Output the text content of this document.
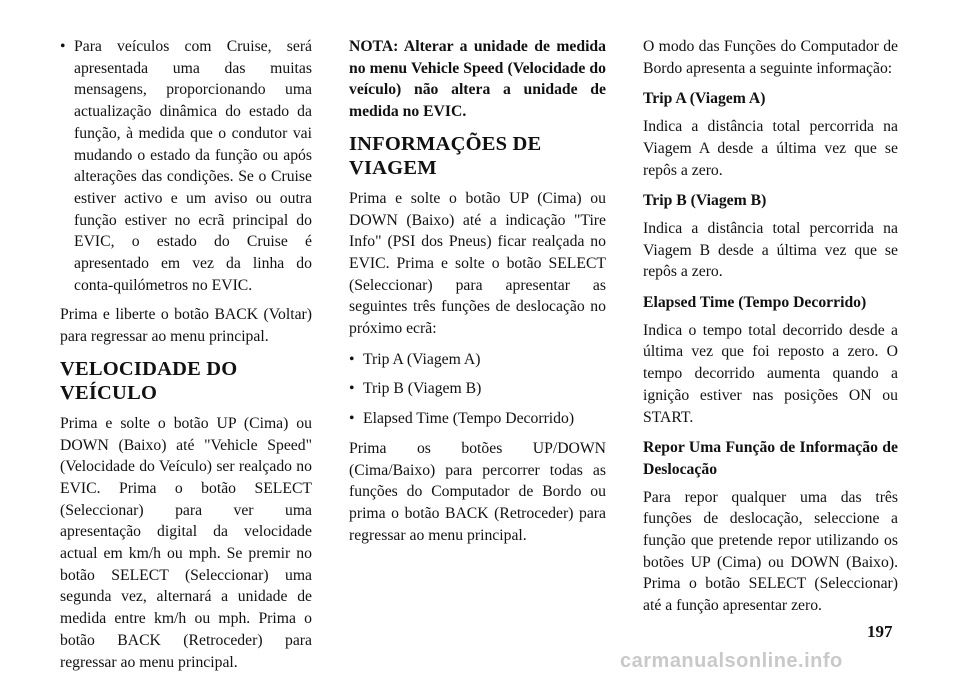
• Para veículos com Cruise, será apresentada uma das muitas mensagens, proporcionando uma actualização dinâmica do estado da função, à medida que o condutor vai mudando o estado da função ou após alterações das condições. Se o Cruise estiver activo e um aviso ou outra função estiver no ecrã principal do EVIC, o estado do Cruise é apresentado em vez da linha do conta-quilómetros no EVIC.

Prima e liberte o botão BACK (Voltar) para regressar ao menu principal.

VELOCIDADE DO VEÍCULO

Prima e solte o botão UP (Cima) ou DOWN (Baixo) até "Vehicle Speed" (Velocidade do Veículo) ser realçado no EVIC. Prima o botão SELECT (Seleccionar) para ver uma apresentação digital da velocidade actual em km/h ou mph. Se premir no botão SELECT (Seleccionar) uma segunda vez, alternará a unidade de medida entre km/h ou mph. Prima o botão BACK (Retroceder) para regressar ao menu principal.

NOTA: Alterar a unidade de medida no menu Vehicle Speed (Velocidade do veículo) não altera a unidade de medida no EVIC.

INFORMAÇÕES DE VIAGEM

Prima e solte o botão UP (Cima) ou DOWN (Baixo) até a indicação "Tire Info" (PSI dos Pneus) ficar realçada no EVIC. Prima e solte o botão SELECT (Seleccionar) para apresentar as seguintes três funções de deslocação no próximo ecrã:

• Trip A (Viagem A)

• Trip B (Viagem B)

• Elapsed Time (Tempo Decorrido)

Prima os botões UP/DOWN (Cima/Baixo) para percorrer todas as funções do Computador de Bordo ou prima o botão BACK (Retroceder) para regressar ao menu principal.

O modo das Funções do Computador de Bordo apresenta a seguinte informação:

Trip A (Viagem A)

Indica a distância total percorrida na Viagem A desde a última vez que se repôs a zero.

Trip B (Viagem B)

Indica a distância total percorrida na Viagem B desde a última vez que se repôs a zero.

Elapsed Time (Tempo Decorrido)

Indica o tempo total decorrido desde a última vez que foi reposto a zero. O tempo decorrido aumenta quando a ignição estiver nas posições ON ou START.

Repor Uma Função de Informação de Deslocação

Para repor qualquer uma das três funções de deslocação, seleccione a função que pretende repor utilizando os botões UP (Cima) ou DOWN (Baixo). Prima o botão SELECT (Seleccionar) até a função apresentar zero.

197
carmanualsonline.info
